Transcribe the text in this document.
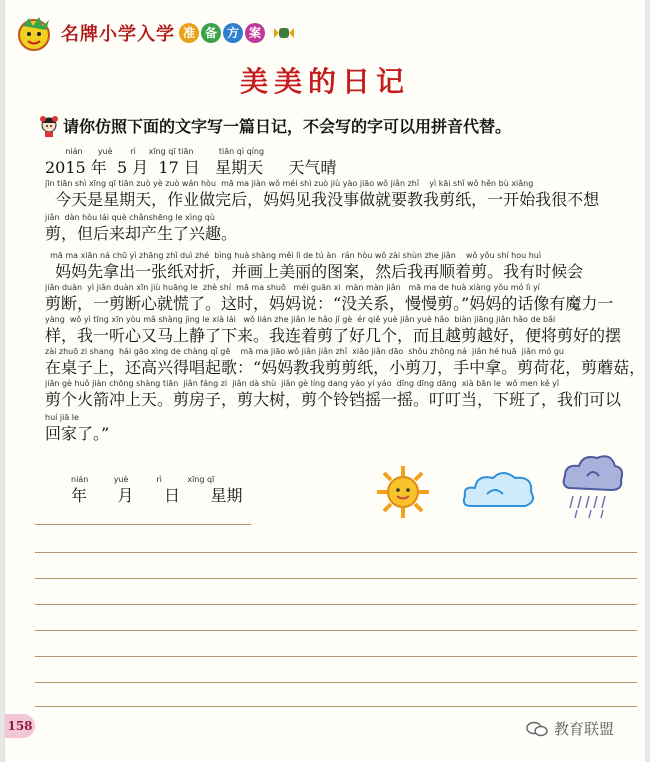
名牌小学入学 准 备 方 案
美美的日记
请你仿照下面的文字写一篇日记，不会写的字可以用拼音代替。
nián      yuè       rì     xīng qī tiān          tiān qì qíng
2015 年  5 月  17 日   星期天     天气晴
jīn tiān shì xīng qī tiān zuò yè zuò wán hòu  mā ma jiàn wǒ méi shì zuò jiù yào jiāo wǒ jiǎn zhǐ    yì kāi shǐ wǒ hěn bù xiǎng
今天是星期天，作业做完后，妈妈见我没事做就要教我剪纸，一开始我很不想
jiǎn  dàn hòu lái què chǎnshēng le xìng qù
剪，但后来却产生了兴趣。
mā ma xiān ná chū yì zhāng zhǐ duì zhé  bìng huà shàng měi lì de tú àn  rán hòu wǒ zài shùn zhe jiǎn    wǒ yǒu shí hou huì
妈妈先拿出一张纸对折，并画上美丽的图案，然后我再顺着剪。我有时候会
jiǎn duàn  yì jiǎn duàn xīn jiù huāng le  zhè shí  mā ma shuō   méi guān xi  màn màn jiǎn   mā ma de huà xiàng yǒu mó lì yí
剪断，一剪断心就慌了。这时，妈妈说：“没关系，慢慢剪。”妈妈的话像有魔力一
yàng  wǒ yì tīng xīn yòu mǎ shàng jìng le xià lái   wǒ lián zhe jiǎn le hǎo jǐ gè  ér qiě yuè jiǎn yuè hǎo  biàn jiāng jiǎn hǎo de bǎi
样，我一听心又马上静了下来。我连着剪了好几个，而且越剪越好，便将剪好的摆
zài zhuō zi shang  hái gāo xìng de chàng qǐ gē    mā ma jiāo wǒ jiǎn jiǎn zhǐ  xiǎo jiǎn dāo  shǒu zhōng ná  jiǎn hé huā  jiǎn mó gu
在桌子上，还高兴得唱起歌：“妈妈教我剪剪纸，小剪刀，手中拿。剪荷花，剪蘑菇，
jiǎn gè huǒ jiàn chōng shàng tiān  jiǎn fáng zi  jiǎn dà shù  jiǎn gè líng dang yáo yi yáo  dīng dīng dāng  xià bān le  wǒ men kě yǐ
剪个火箭冲上天。剪房子，剪大树，剪个铃铛摇一摇。叮叮当，下班了，我们可以
huí jiā le
回家了。”
nián          yuè           rì          xīng qī
年      月      日      星期
158	教育联盟
